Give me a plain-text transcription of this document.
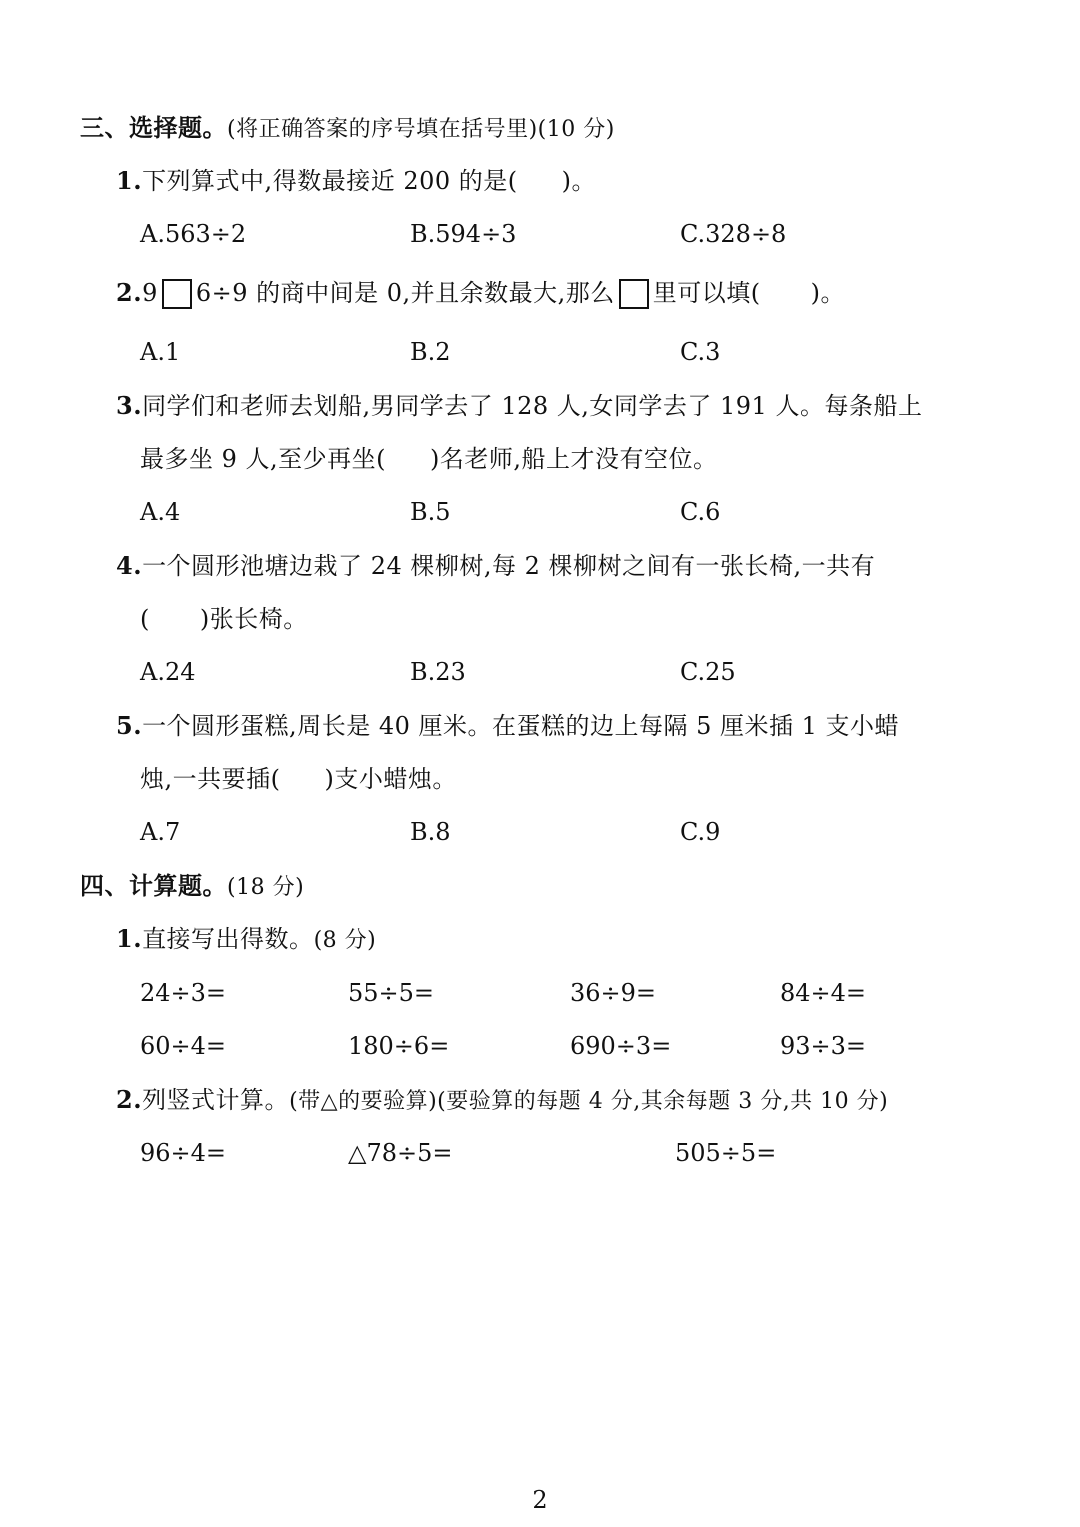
三、选择题。(将正确答案的序号填在括号里)(10 分)
1.下列算式中,得数最接近 200 的是( )。
A.563÷2	B.594÷3	C.328÷8
2.9 6÷9 的商中间是 0,并且余数最大,那么 里可以填( )。
A.1	B.2	C.3
3.同学们和老师去划船,男同学去了 128 人,女同学去了 191 人。每条船上
最多坐 9 人,至少再坐( )名老师,船上才没有空位。
A.4	B.5	C.6
4.一个圆形池塘边栽了 24 棵柳树,每 2 棵柳树之间有一张长椅,一共有
( )张长椅。
A.24	B.23	C.25
5.一个圆形蛋糕,周长是 40 厘米。在蛋糕的边上每隔 5 厘米插 1 支小蜡
烛,一共要插( )支小蜡烛。
A.7	B.8	C.9
四、计算题。(18 分)
1.直接写出得数。(8 分)
24÷3=	55÷5=	36÷9=	84÷4=
60÷4=	180÷6=	690÷3=	93÷3=
2.列竖式计算。(带△的要验算)(要验算的每题 4 分,其余每题 3 分,共 10 分)
96÷4=	△78÷5=	505÷5=
2
